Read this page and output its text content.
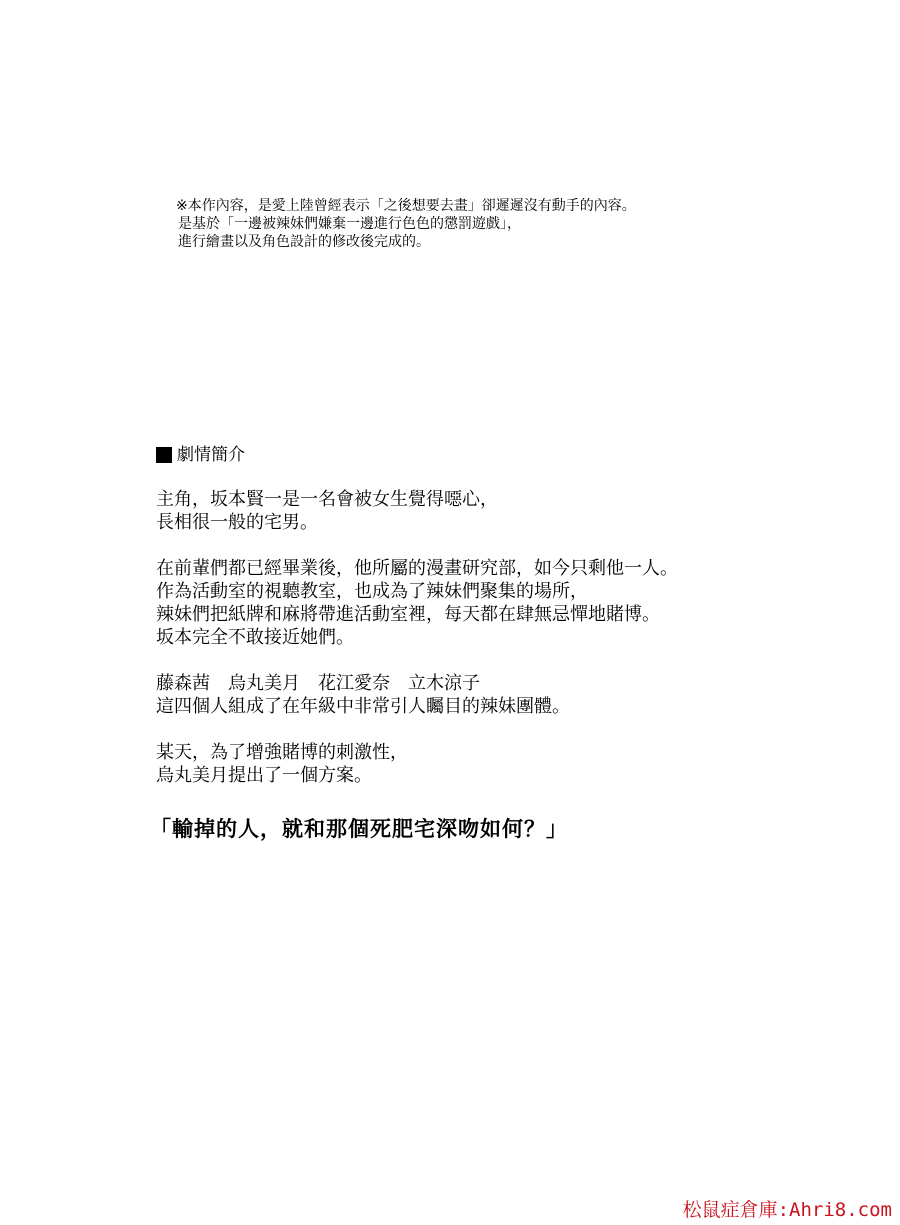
※本作內容，是愛上陸曾經表示「之後想要去畫」卻遲遲沒有動手的內容。
是基於「一邊被辣妹們嫌棄一邊進行色色的懲罰遊戲」，
進行繪畫以及角色設計的修改後完成的。
劇情簡介
主角，坂本賢一是一名會被女生覺得噁心，
長相很一般的宅男。
在前輩們都已經畢業後，他所屬的漫畫研究部，如今只剩他一人。
作為活動室的視聽教室，也成為了辣妹們聚集的場所，
辣妹們把紙牌和麻將帶進活動室裡，每天都在肆無忌憚地賭博。
坂本完全不敢接近她們。
藤森茜　烏丸美月　花江愛奈　立木涼子
這四個人組成了在年級中非常引人矚目的辣妹團體。
某天，為了增強賭博的刺激性，
烏丸美月提出了一個方案。
「輸掉的人，就和那個死肥宅深吻如何？」
松鼠症倉庫:Ahri8.com
